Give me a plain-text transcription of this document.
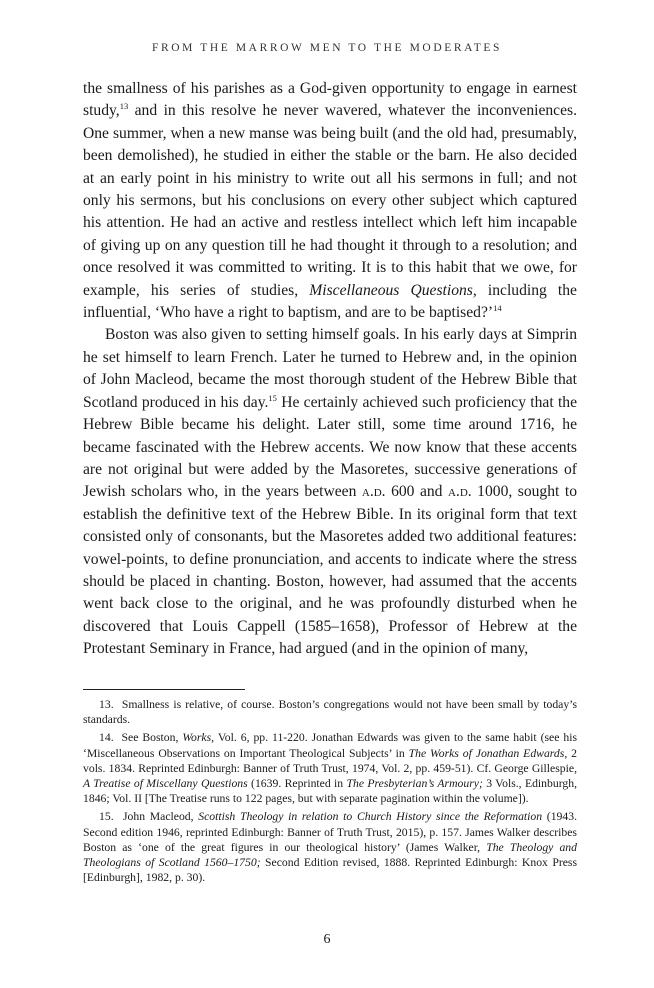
FROM THE MARROW MEN TO THE MODERATES

the smallness of his parishes as a God-given opportunity to engage in earnest study,$^{13}$ and in this resolve he never wavered, whatever the inconveniences. One summer, when a new manse was being built (and the old had, presumably, been demolished), he studied in either the stable or the barn. He also decided at an early point in his ministry to write out all his sermons in full; and not only his sermons, but his conclusions on every other subject which captured his attention. He had an active and restless intellect which left him incapable of giving up on any question till he had thought it through to a resolution; and once resolved it was committed to writing. It is to this habit that we owe, for example, his series of studies, Miscellaneous Questions, including the influential, ‘Who have a right to baptism, and are to be baptised?’$^{14}$

Boston was also given to setting himself goals. In his early days at Simprin he set himself to learn French. Later he turned to Hebrew and, in the opinion of John Macleod, became the most thorough student of the Hebrew Bible that Scotland produced in his day.$^{15}$ He certainly achieved such proficiency that the Hebrew Bible became his delight. Later still, some time around 1716, he became fascinated with the Hebrew accents. We now know that these accents are not original but were added by the Masoretes, successive generations of Jewish scholars who, in the years between a.d. 600 and a.d. 1000, sought to establish the definitive text of the Hebrew Bible. In its original form that text consisted only of consonants, but the Masoretes added two additional features: vowel-points, to define pronunciation, and accents to indicate where the stress should be placed in chanting. Boston, however, had assumed that the accents went back close to the original, and he was profoundly disturbed when he discovered that Louis Cappell (1585–1658), Professor of Hebrew at the Protestant Seminary in France, had argued (and in the opinion of many,

13.  Smallness is relative, of course. Boston’s congregations would not have been small by today’s standards.

14.  See Boston, Works, Vol. 6, pp. 11-220. Jonathan Edwards was given to the same habit (see his ‘Miscellaneous Observations on Important Theological Subjects’ in The Works of Jonathan Edwards, 2 vols. 1834. Reprinted Edinburgh: Banner of Truth Trust, 1974, Vol. 2, pp. 459-51). Cf. George Gillespie, A Treatise of Miscellany Questions (1639. Reprinted in The Presbyterian’s Armoury; 3 Vols., Edinburgh, 1846; Vol. II [The Treatise runs to 122 pages, but with separate pagination within the volume]).

15.  John Macleod, Scottish Theology in relation to Church History since the Reformation (1943. Second edition 1946, reprinted Edinburgh: Banner of Truth Trust, 2015), p. 157. James Walker describes Boston as ‘one of the great figures in our theological history’ (James Walker, The Theology and Theologians of Scotland 1560–1750; Second Edition revised, 1888. Reprinted Edinburgh: Knox Press [Edinburgh], 1982, p. 30).

6
